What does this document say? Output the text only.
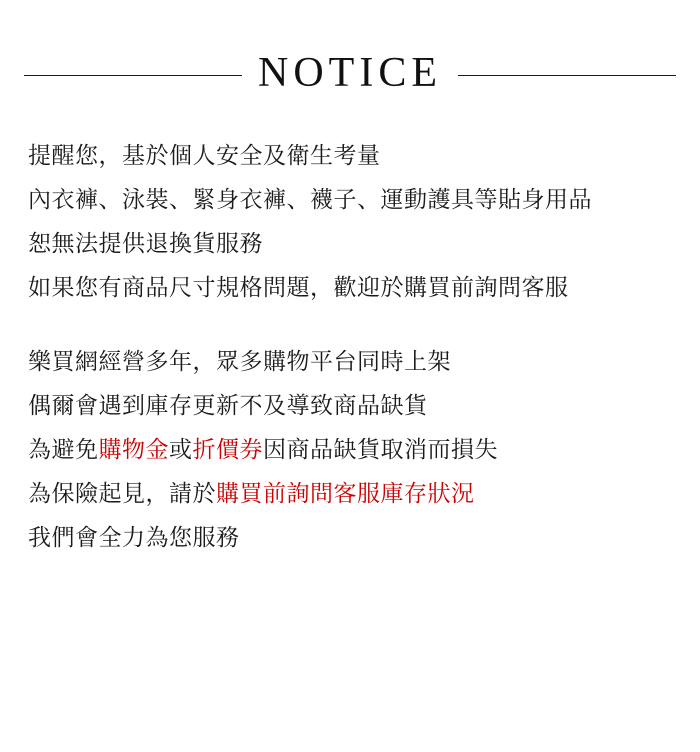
NOTICE
提醒您，基於個人安全及衛生考量
內衣褲、泳裝、緊身衣褲、襪子、運動護具等貼身用品
恕無法提供退換貨服務
如果您有商品尺寸規格問題，歡迎於購買前詢問客服
樂買網經營多年，眾多購物平台同時上架
偶爾會遇到庫存更新不及導致商品缺貨
為避免購物金或折價券因商品缺貨取消而損失
為保險起見，請於購買前詢問客服庫存狀況
我們會全力為您服務
